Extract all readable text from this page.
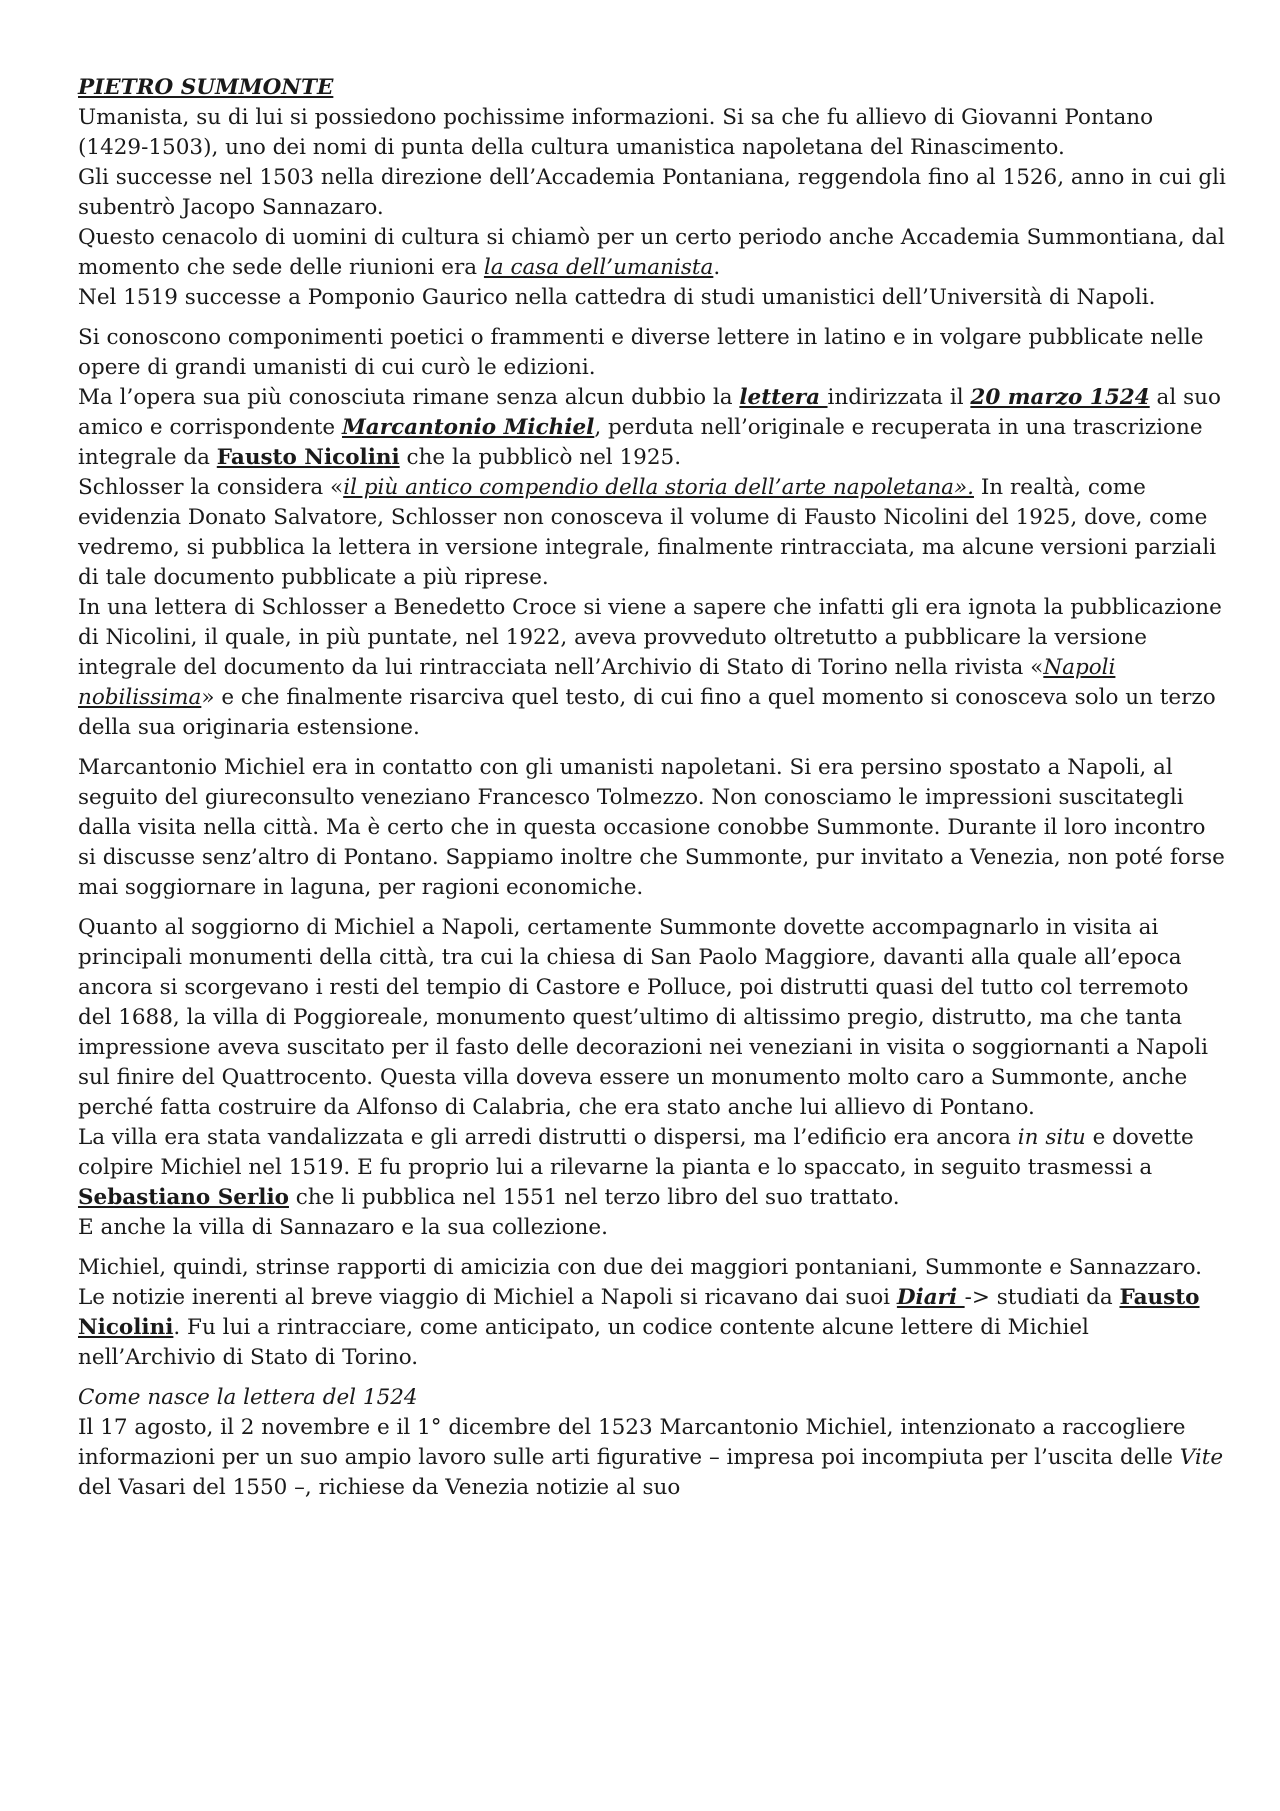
PIETRO SUMMONTE

Umanista, su di lui si possiedono pochissime informazioni. Si sa che fu allievo di Giovanni Pontano (1429-1503), uno dei nomi di punta della cultura umanistica napoletana del Rinascimento.

Gli successe nel 1503 nella direzione dell’Accademia Pontaniana, reggendola fino al 1526, anno in cui gli subentrò Jacopo Sannazaro.

Questo cenacolo di uomini di cultura si chiamò per un certo periodo anche Accademia Summontiana, dal momento che sede delle riunioni era la casa dell’umanista.

Nel 1519 successe a Pomponio Gaurico nella cattedra di studi umanistici dell’Università di Napoli.

Si conoscono componimenti poetici o frammenti e diverse lettere in latino e in volgare pubblicate nelle opere di grandi umanisti di cui curò le edizioni.

Ma l’opera sua più conosciuta rimane senza alcun dubbio la lettera indirizzata il 20 marzo 1524 al suo amico e corrispondente Marcantonio Michiel, perduta nell’originale e recuperata in una trascrizione integrale da Fausto Nicolini che la pubblicò nel 1925.

Schlosser la considera «il più antico compendio della storia dell’arte napoletana». In realtà, come evidenzia Donato Salvatore, Schlosser non conosceva il volume di Fausto Nicolini del 1925, dove, come vedremo, si pubblica la lettera in versione integrale, finalmente rintracciata, ma alcune versioni parziali di tale documento pubblicate a più riprese.

In una lettera di Schlosser a Benedetto Croce si viene a sapere che infatti gli era ignota la pubblicazione di Nicolini, il quale, in più puntate, nel 1922, aveva provveduto oltretutto a pubblicare la versione integrale del documento da lui rintracciata nell’Archivio di Stato di Torino nella rivista «Napoli nobilissima» e che finalmente risarciva quel testo, di cui fino a quel momento si conosceva solo un terzo della sua originaria estensione.

Marcantonio Michiel era in contatto con gli umanisti napoletani. Si era persino spostato a Napoli, al seguito del giureconsulto veneziano Francesco Tolmezzo. Non conosciamo le impressioni suscitategli dalla visita nella città. Ma è certo che in questa occasione conobbe Summonte. Durante il loro incontro si discusse senz’altro di Pontano. Sappiamo inoltre che Summonte, pur invitato a Venezia, non poté forse mai soggiornare in laguna, per ragioni economiche.

Quanto al soggiorno di Michiel a Napoli, certamente Summonte dovette accompagnarlo in visita ai principali monumenti della città, tra cui la chiesa di San Paolo Maggiore, davanti alla quale all’epoca ancora si scorgevano i resti del tempio di Castore e Polluce, poi distrutti quasi del tutto col terremoto del 1688, la villa di Poggioreale, monumento quest’ultimo di altissimo pregio, distrutto, ma che tanta impressione aveva suscitato per il fasto delle decorazioni nei veneziani in visita o soggiornanti a Napoli sul finire del Quattrocento. Questa villa doveva essere un monumento molto caro a Summonte, anche perché fatta costruire da Alfonso di Calabria, che era stato anche lui allievo di Pontano.

La villa era stata vandalizzata e gli arredi distrutti o dispersi, ma l’edificio era ancora in situ e dovette colpire Michiel nel 1519. E fu proprio lui a rilevarne la pianta e lo spaccato, in seguito trasmessi a Sebastiano Serlio che li pubblica nel 1551 nel terzo libro del suo trattato.

E anche la villa di Sannazaro e la sua collezione.

Michiel, quindi, strinse rapporti di amicizia con due dei maggiori pontaniani, Summonte e Sannazzaro.

Le notizie inerenti al breve viaggio di Michiel a Napoli si ricavano dai suoi Diari -> studiati da Fausto Nicolini. Fu lui a rintracciare, come anticipato, un codice contente alcune lettere di Michiel nell’Archivio di Stato di Torino.

Come nasce la lettera del 1524

Il 17 agosto, il 2 novembre e il 1° dicembre del 1523 Marcantonio Michiel, intenzionato a raccogliere informazioni per un suo ampio lavoro sulle arti figurative – impresa poi incompiuta per l’uscita delle Vite del Vasari del 1550 –, richiese da Venezia notizie al suo
